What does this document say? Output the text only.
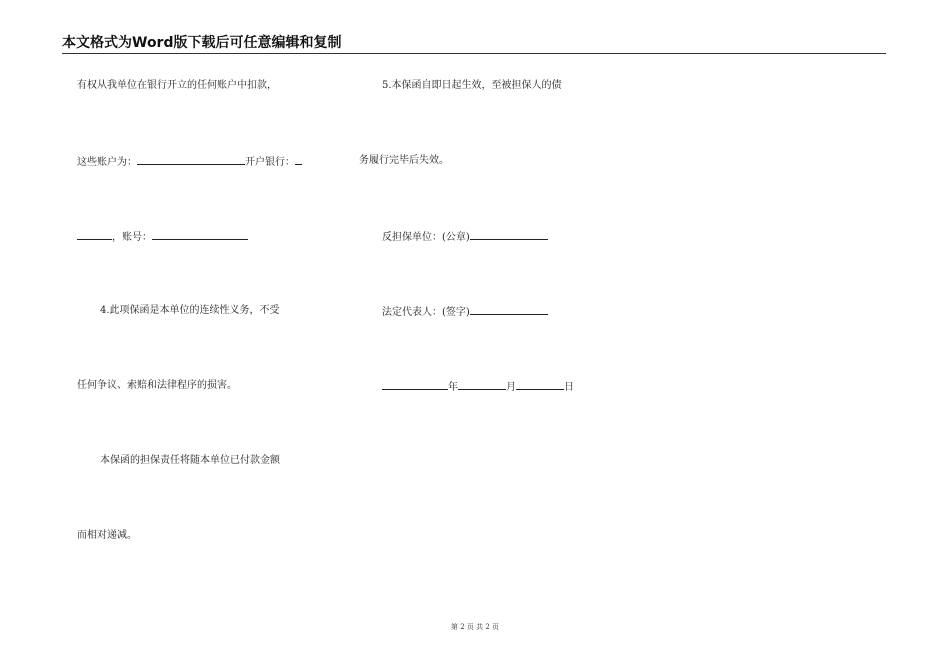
本文格式为Word版下载后可任意编辑和复制
有权从我单位在银行开立的任何账户中扣款，
这些账户为：	开户银行：
，账号：
4.此项保函是本单位的连续性义务，不受
任何争议、索赔和法律程序的损害。
本保函的担保责任将随本单位已付款金额
而相对递减。
5.本保函自即日起生效，至被担保人的债
务履行完毕后失效。
反担保单位：(公章)
法定代表人：(签字)
年	月	日
第 2 页 共 2 页
